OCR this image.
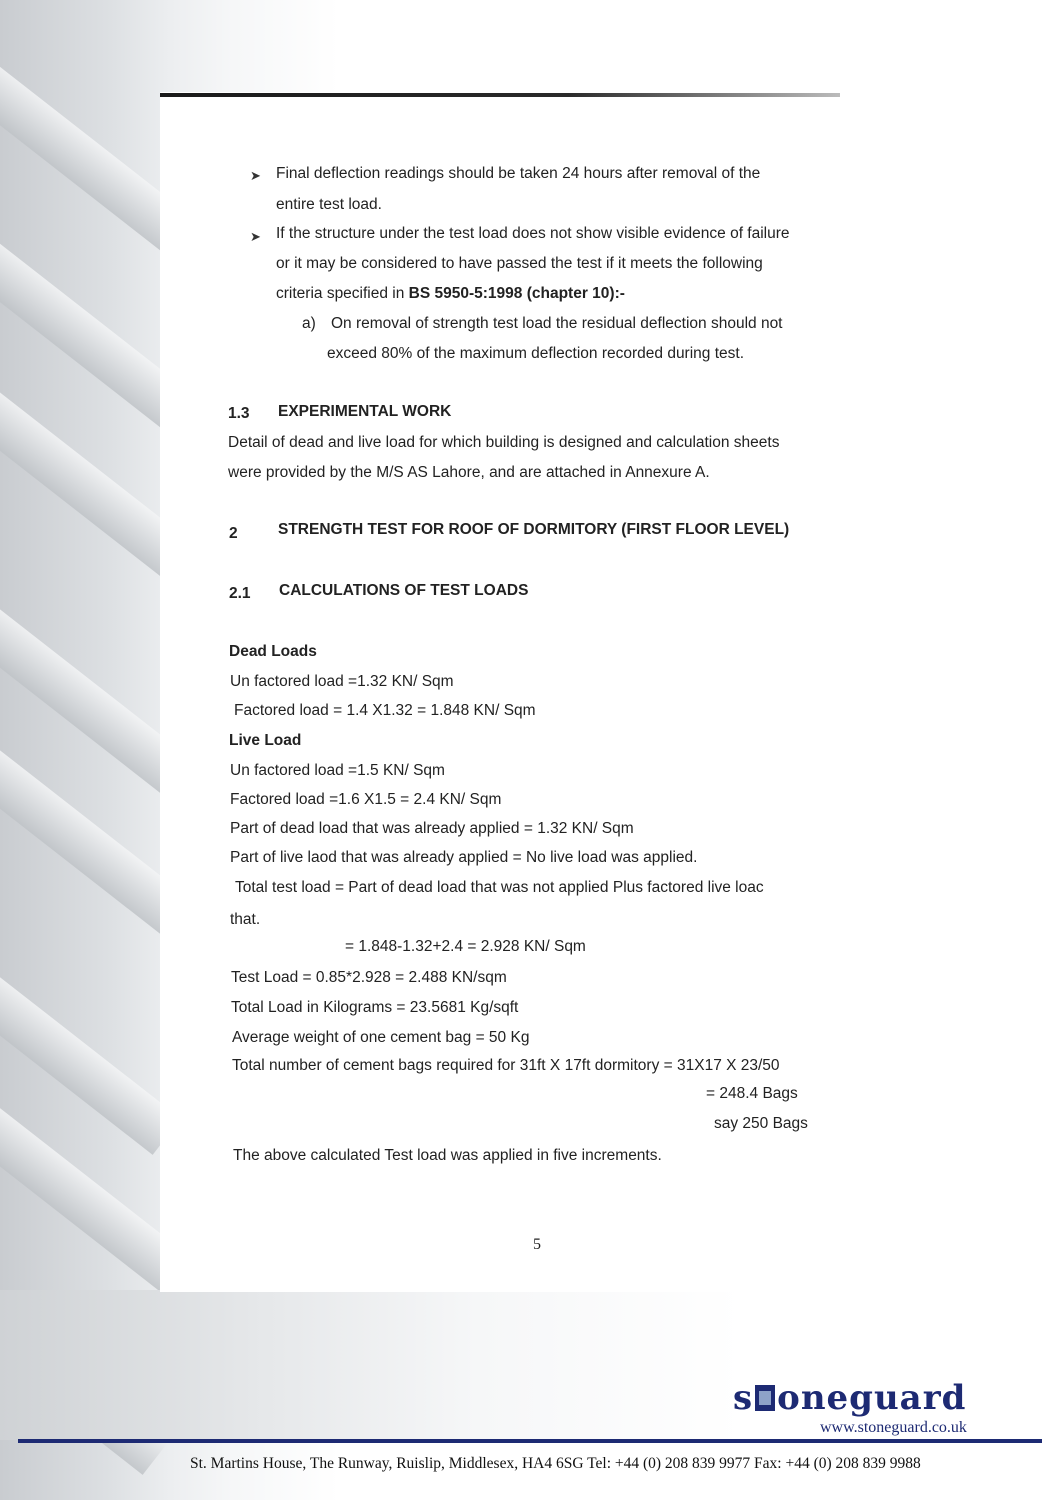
➤ Final deflection readings should be taken 24 hours after removal of the
entire test load.
➤ If the structure under the test load does not show visible evidence of failure
or it may be considered to have passed the test if it meets the following
criteria specified in BS 5950-5:1998 (chapter 10):-
a) On removal of strength test load the residual deflection should not
exceed 80% of the maximum deflection recorded during test.
1.3 EXPERIMENTAL WORK
Detail of dead and live load for which building is designed and calculation sheets
were provided by the M/S AS Lahore, and are attached in Annexure A.
2	STRENGTH TEST FOR ROOF OF DORMITORY (FIRST FLOOR LEVEL)
2.1 CALCULATIONS OF TEST LOADS
Dead Loads
Un factored load =1.32 KN/ Sqm
Factored load = 1.4 X1.32 = 1.848 KN/ Sqm
Live Load
Un factored load =1.5 KN/ Sqm
Factored load =1.6 X1.5 = 2.4 KN/ Sqm
Part of dead load that was already applied = 1.32 KN/ Sqm
Part of live laod that was already applied = No live load was applied.
Total test load = Part of dead load that was not applied Plus factored live loac
that.
= 1.848-1.32+2.4 = 2.928 KN/ Sqm
Test Load = 0.85*2.928 = 2.488 KN/sqm
Total Load in Kilograms = 23.5681 Kg/sqft
Average weight of one cement bag = 50 Kg
Total number of cement bags required for 31ft X 17ft dormitory = 31X17 X 23/50
= 248.4 Bags
say 250 Bags
The above calculated Test load was applied in five increments.
5
s oneguard
www.stoneguard.co.uk
St. Martins House, The Runway, Ruislip, Middlesex, HA4 6SG Tel: +44 (0) 208 839 9977 Fax: +44 (0) 208 839 9988
